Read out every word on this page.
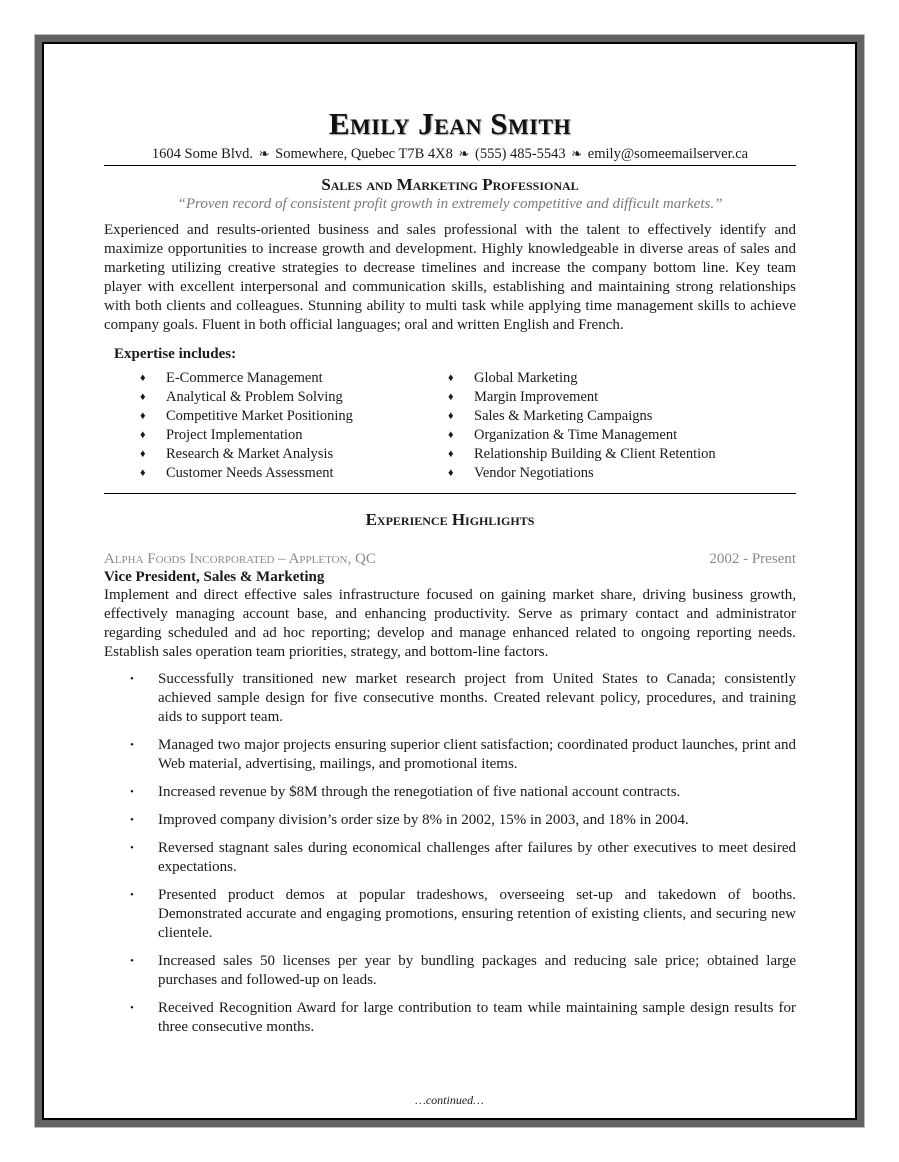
Emily Jean Smith
1604 Some Blvd. ❧ Somewhere, Quebec T7B 4X8 ❧ (555) 485-5543 ❧ emily@someemailserver.ca
Sales and Marketing Professional

“Proven record of consistent profit growth in extremely competitive and difficult markets.”

Experienced and results-oriented business and sales professional with the talent to effectively identify and maximize opportunities to increase growth and development. Highly knowledgeable in diverse areas of sales and marketing utilizing creative strategies to decrease timelines and increase the company bottom line. Key team player with excellent interpersonal and communication skills, establishing and maintaining strong relationships with both clients and colleagues. Stunning ability to multi task while applying time management skills to achieve company goals. Fluent in both official languages; oral and written English and French.

Expertise includes:
♦ E-Commerce Management
♦ Analytical & Problem Solving
♦ Competitive Market Positioning
♦ Project Implementation
♦ Research & Market Analysis
♦ Customer Needs Assessment
♦ Global Marketing
♦ Margin Improvement
♦ Sales & Marketing Campaigns
♦ Organization & Time Management
♦ Relationship Building & Client Retention
♦ Vendor Negotiations
Experience Highlights
Alpha Foods Incorporated – Appleton, QC	2002 - Present

Vice President, Sales & Marketing

Implement and direct effective sales infrastructure focused on gaining market share, driving business growth, effectively managing account base, and enhancing productivity. Serve as primary contact and administrator regarding scheduled and ad hoc reporting; develop and manage enhanced related to ongoing reporting needs. Establish sales operation team priorities, strategy, and bottom-line factors.

• Successfully transitioned new market research project from United States to Canada; consistently achieved sample design for five consecutive months. Created relevant policy, procedures, and training aids to support team.
• Managed two major projects ensuring superior client satisfaction; coordinated product launches, print and Web material, advertising, mailings, and promotional items.
• Increased revenue by $8M through the renegotiation of five national account contracts.
• Improved company division’s order size by 8% in 2002, 15% in 2003, and 18% in 2004.
• Reversed stagnant sales during economical challenges after failures by other executives to meet desired expectations.
• Presented product demos at popular tradeshows, overseeing set-up and takedown of booths. Demonstrated accurate and engaging promotions, ensuring retention of existing clients, and securing new clientele.
• Increased sales 50 licenses per year by bundling packages and reducing sale price; obtained large purchases and followed-up on leads.
• Received Recognition Award for large contribution to team while maintaining sample design results for three consecutive months.
…continued…
